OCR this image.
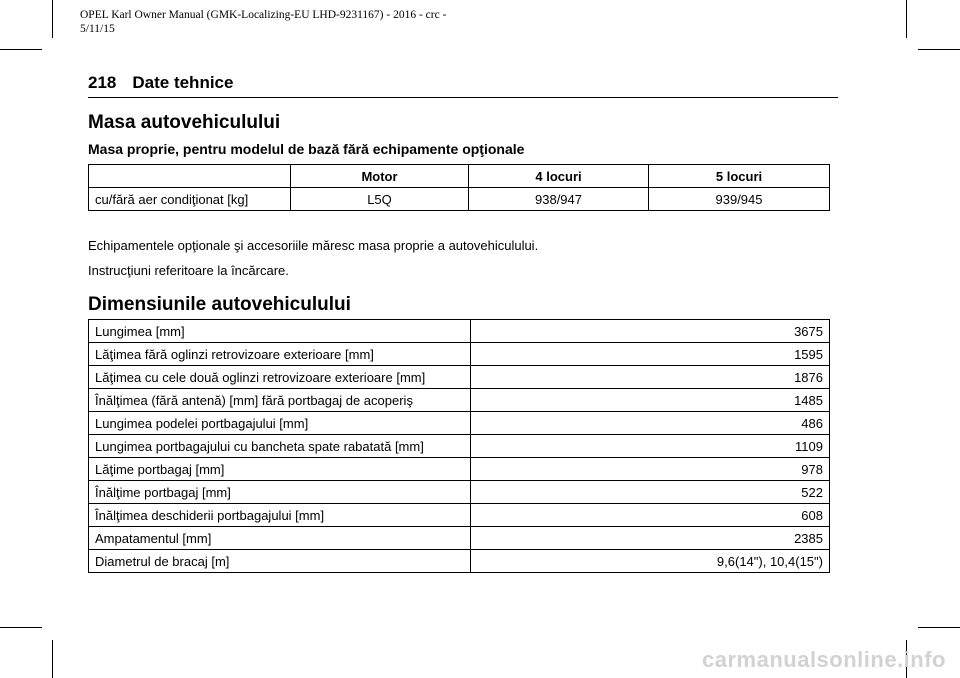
OPEL Karl Owner Manual (GMK-Localizing-EU LHD-9231167) - 2016 - crc -
5/11/15
218 Date tehnice
Masa autovehiculului
Masa proprie, pentru modelul de bază fără echipamente opţionale
	Motor	4 locuri	5 locuri
cu/fără aer condiţionat [kg]	L5Q	938/947	939/945
Echipamentele opţionale şi accesoriile măresc masa proprie a autovehiculului.
Instrucţiuni referitoare la încărcare.
Dimensiunile autovehiculului
Lungimea [mm]	3675
Lăţimea fără oglinzi retrovizoare exterioare [mm]	1595
Lăţimea cu cele două oglinzi retrovizoare exterioare [mm]	1876
Înălţimea (fără antenă) [mm] fără portbagaj de acoperiş	1485
Lungimea podelei portbagajului [mm]	486
Lungimea portbagajului cu bancheta spate rabatată [mm]	1109
Lăţime portbagaj [mm]	978
Înălţime portbagaj [mm]	522
Înălţimea deschiderii portbagajului [mm]	608
Ampatamentul [mm]	2385
Diametrul de bracaj [m]	9,6(14"), 10,4(15")
carmanualsonline.info
